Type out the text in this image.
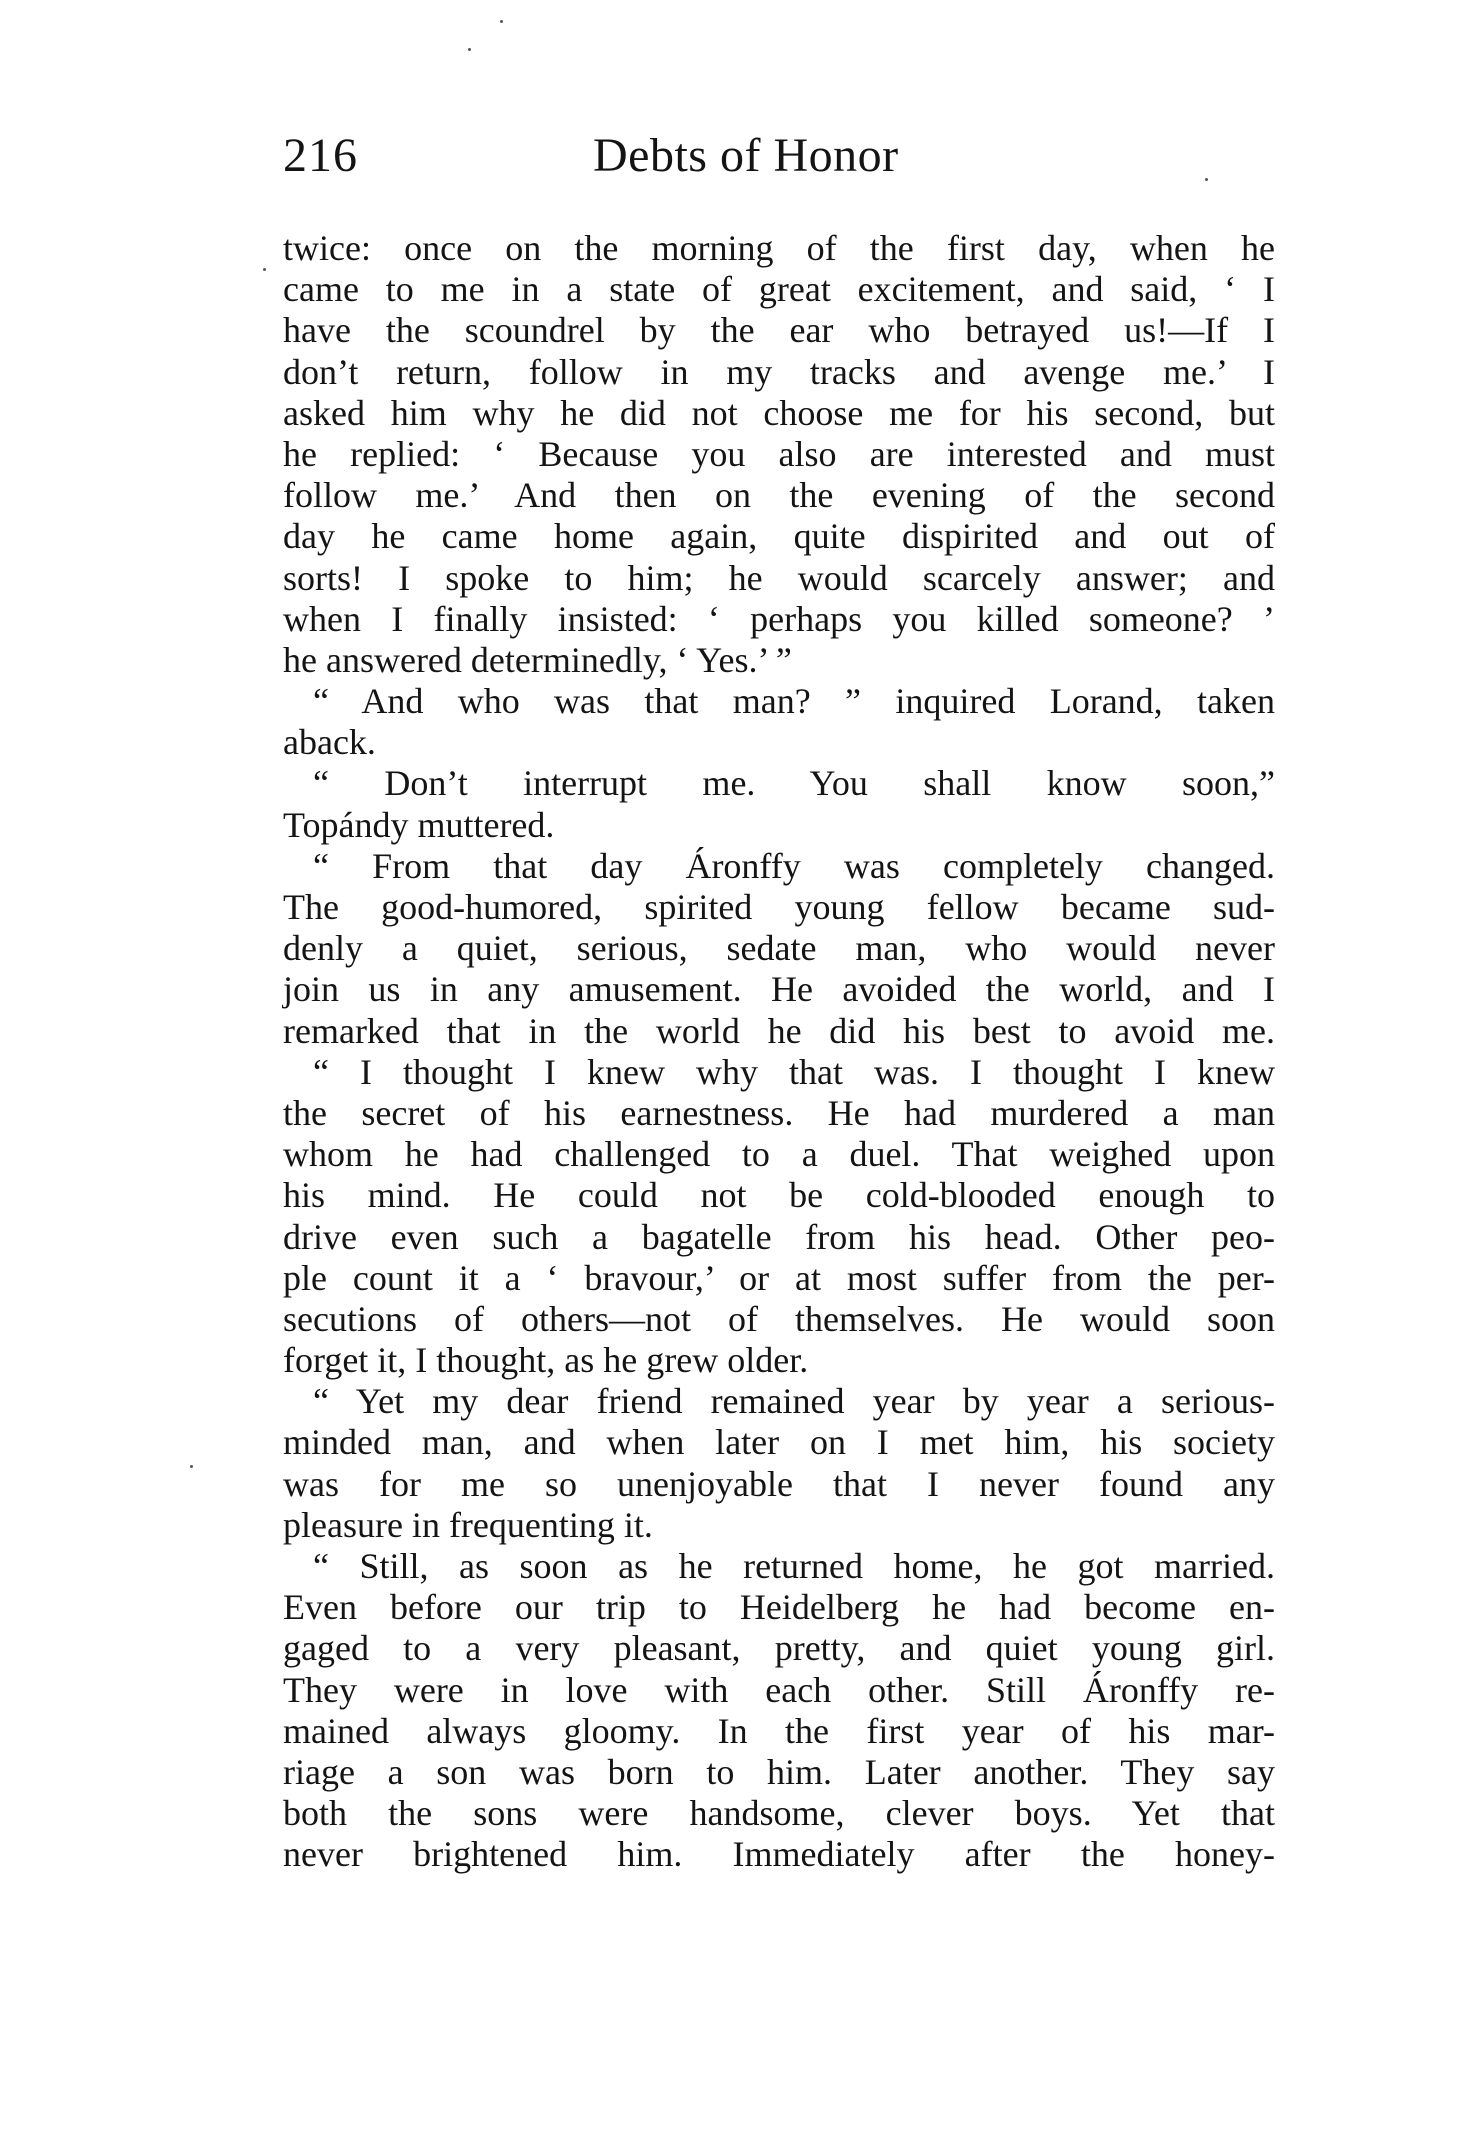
216	Debts of Honor
twice: once on the morning of the first day, when he
came to me in a state of great excitement, and said, ‘ I
have the scoundrel by the ear who betrayed us!—If I
don’t return, follow in my tracks and avenge me.’ I
asked him why he did not choose me for his second, but
he replied: ‘ Because you also are interested and must
follow me.’ And then on the evening of the second
day he came home again, quite dispirited and out of
sorts! I spoke to him; he would scarcely answer; and
when I finally insisted: ‘ perhaps you killed someone? ’
he answered determinedly, ‘ Yes.’ ”
“ And who was that man? ” inquired Lorand, taken
aback.
“ Don’t interrupt me. You shall know soon,”
Topándy muttered.
“ From that day Áronffy was completely changed.
The good-humored, spirited young fellow became sud-
denly a quiet, serious, sedate man, who would never
join us in any amusement. He avoided the world, and I
remarked that in the world he did his best to avoid me.
“ I thought I knew why that was. I thought I knew
the secret of his earnestness. He had murdered a man
whom he had challenged to a duel. That weighed upon
his mind. He could not be cold-blooded enough to
drive even such a bagatelle from his head. Other peo-
ple count it a ‘ bravour,’ or at most suffer from the per-
secutions of others—not of themselves. He would soon
forget it, I thought, as he grew older.
“ Yet my dear friend remained year by year a serious-
minded man, and when later on I met him, his society
was for me so unenjoyable that I never found any
pleasure in frequenting it.
“ Still, as soon as he returned home, he got married.
Even before our trip to Heidelberg he had become en-
gaged to a very pleasant, pretty, and quiet young girl.
They were in love with each other. Still Áronffy re-
mained always gloomy. In the first year of his mar-
riage a son was born to him. Later another. They say
both the sons were handsome, clever boys. Yet that
never brightened him. Immediately after the honey-
